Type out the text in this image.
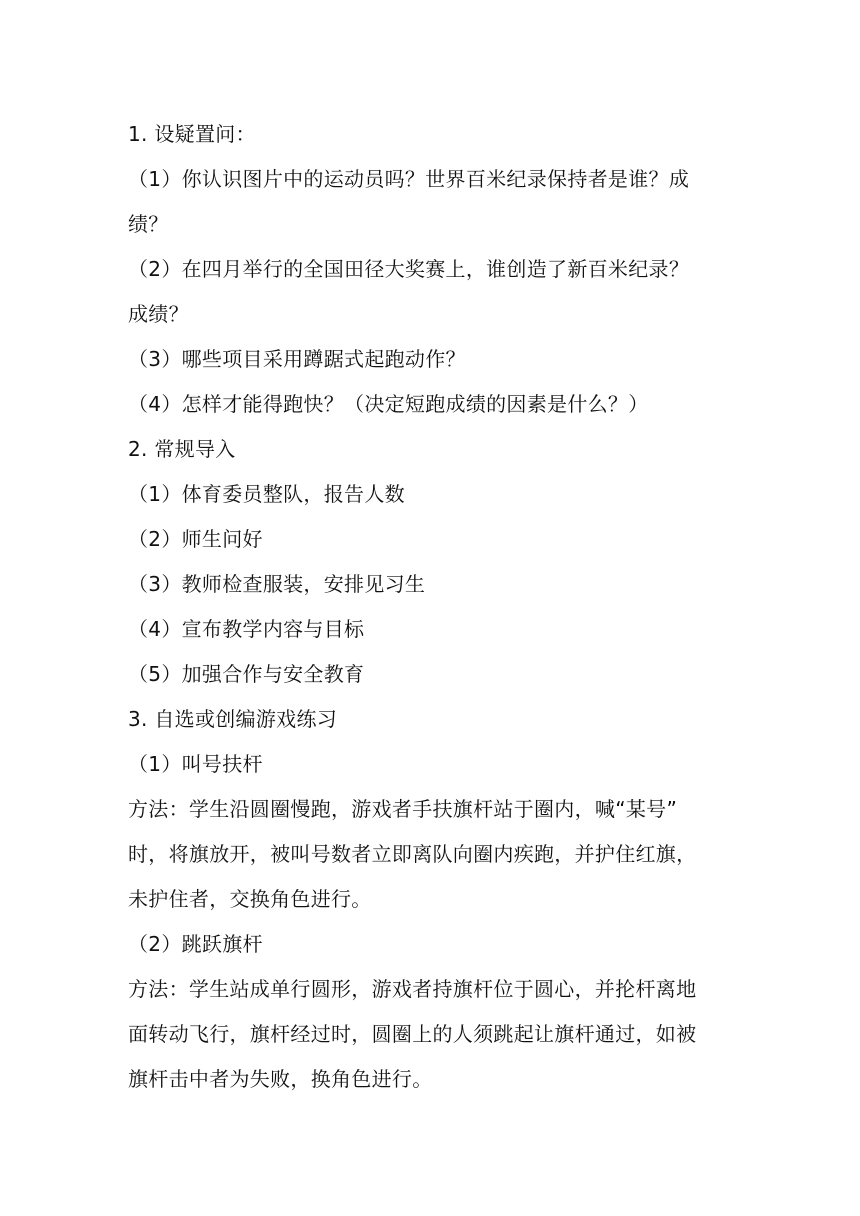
1. 设疑置问：
（1）你认识图片中的运动员吗？世界百米纪录保持者是谁？成
绩？
（2）在四月举行的全国田径大奖赛上，谁创造了新百米纪录？
成绩？
（3）哪些项目采用蹲踞式起跑动作？
（4）怎样才能得跑快？（决定短跑成绩的因素是什么？）
2. 常规导入
（1）体育委员整队，报告人数
（2）师生问好
（3）教师检查服装，安排见习生
（4）宣布教学内容与目标
（5）加强合作与安全教育
3. 自选或创编游戏练习
（1）叫号扶杆
方法：学生沿圆圈慢跑，游戏者手扶旗杆站于圈内，喊“某号”
时，将旗放开，被叫号数者立即离队向圈内疾跑，并护住红旗，
未护住者，交换角色进行。
（2）跳跃旗杆
方法：学生站成单行圆形，游戏者持旗杆位于圆心，并抡杆离地
面转动飞行，旗杆经过时，圆圈上的人须跳起让旗杆通过，如被
旗杆击中者为失败，换角色进行。
